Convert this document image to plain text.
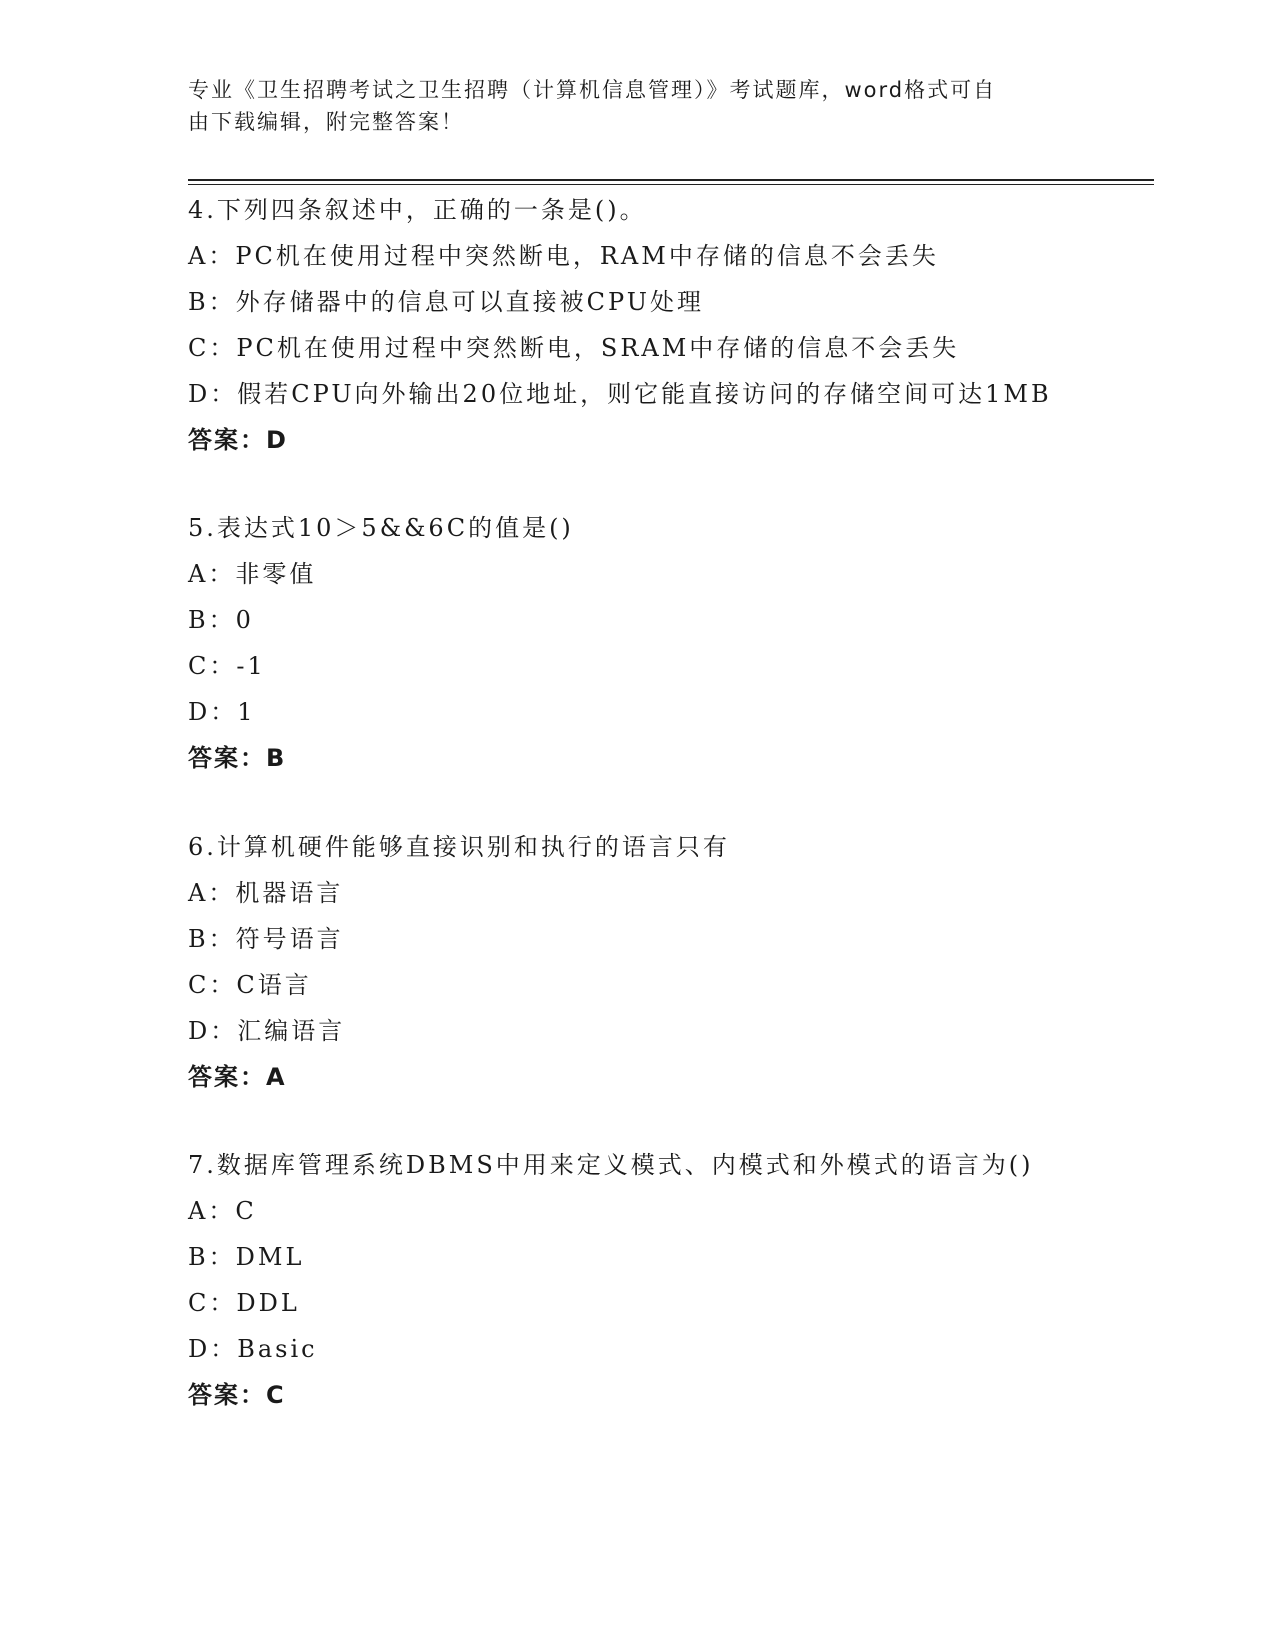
专业《卫生招聘考试之卫生招聘（计算机信息管理）》考试题库，word格式可自
由下载编辑，附完整答案！
4.下列四条叙述中，正确的一条是()。
A：PC机在使用过程中突然断电，RAM中存储的信息不会丢失
B：外存储器中的信息可以直接被CPU处理
C：PC机在使用过程中突然断电，SRAM中存储的信息不会丢失
D：假若CPU向外输出20位地址，则它能直接访问的存储空间可达1MB
答案：D
5.表达式10＞5&&6C的值是()
A：非零值
B：0
C：-1
D：1
答案：B
6.计算机硬件能够直接识别和执行的语言只有
A：机器语言
B：符号语言
C：C语言
D：汇编语言
答案：A
7.数据库管理系统DBMS中用来定义模式、内模式和外模式的语言为()
A：C
B：DML
C：DDL
D：Basic
答案：C
